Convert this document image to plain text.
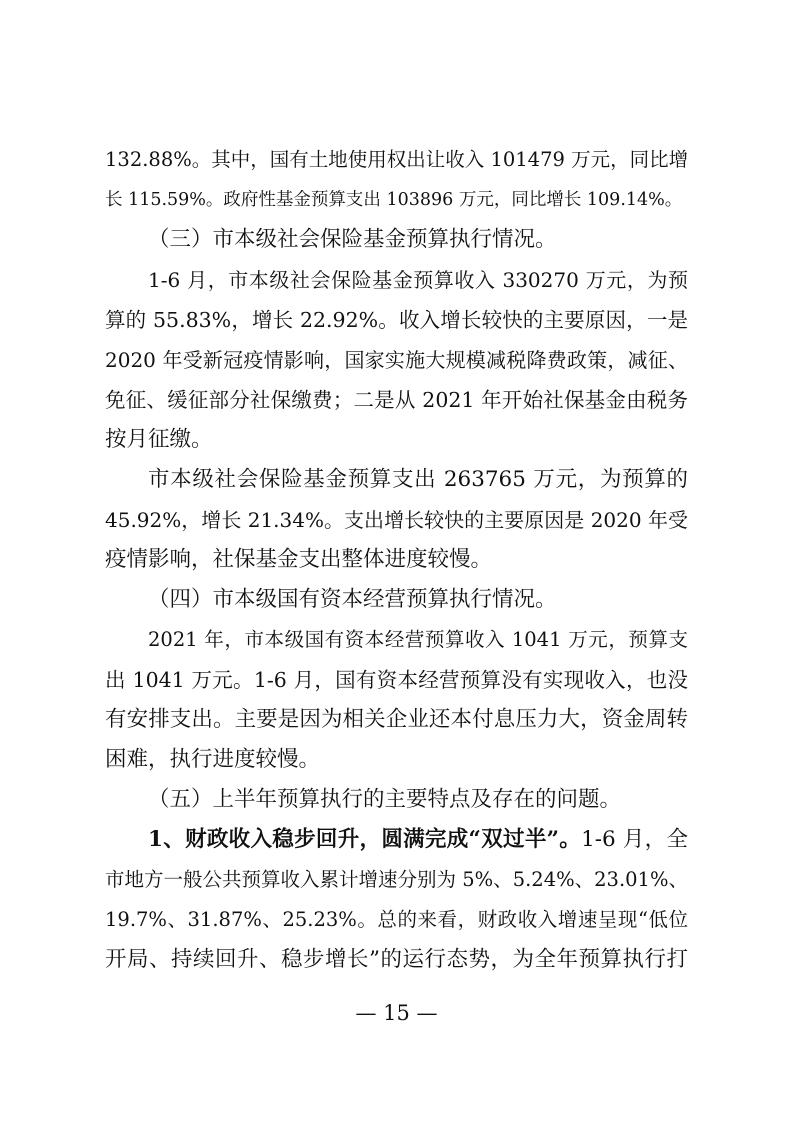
132.88%。其中，国有土地使用权出让收入 101479 万元，同比增
长 115.59%。政府性基金预算支出 103896 万元，同比增长 109.14%。
（三）市本级社会保险基金预算执行情况。
1-6 月，市本级社会保险基金预算收入 330270 万元，为预
算的 55.83%，增长 22.92%。收入增长较快的主要原因，一是
2020 年受新冠疫情影响，国家实施大规模减税降费政策，减征、
免征、缓征部分社保缴费；二是从 2021 年开始社保基金由税务
按月征缴。
市本级社会保险基金预算支出 263765 万元，为预算的
45.92%，增长 21.34%。支出增长较快的主要原因是 2020 年受
疫情影响，社保基金支出整体进度较慢。
（四）市本级国有资本经营预算执行情况。
2021 年，市本级国有资本经营预算收入 1041 万元，预算支
出 1041 万元。1-6 月，国有资本经营预算没有实现收入，也没
有安排支出。主要是因为相关企业还本付息压力大，资金周转
困难，执行进度较慢。
（五）上半年预算执行的主要特点及存在的问题。
1、财政收入稳步回升，圆满完成“双过半”。1-6 月，全
市地方一般公共预算收入累计增速分别为 5%、5.24%、23.01%、
19.7%、31.87%、25.23%。总的来看，财政收入增速呈现“低位
开局、持续回升、稳步增长”的运行态势，为全年预算执行打
— 15 —
